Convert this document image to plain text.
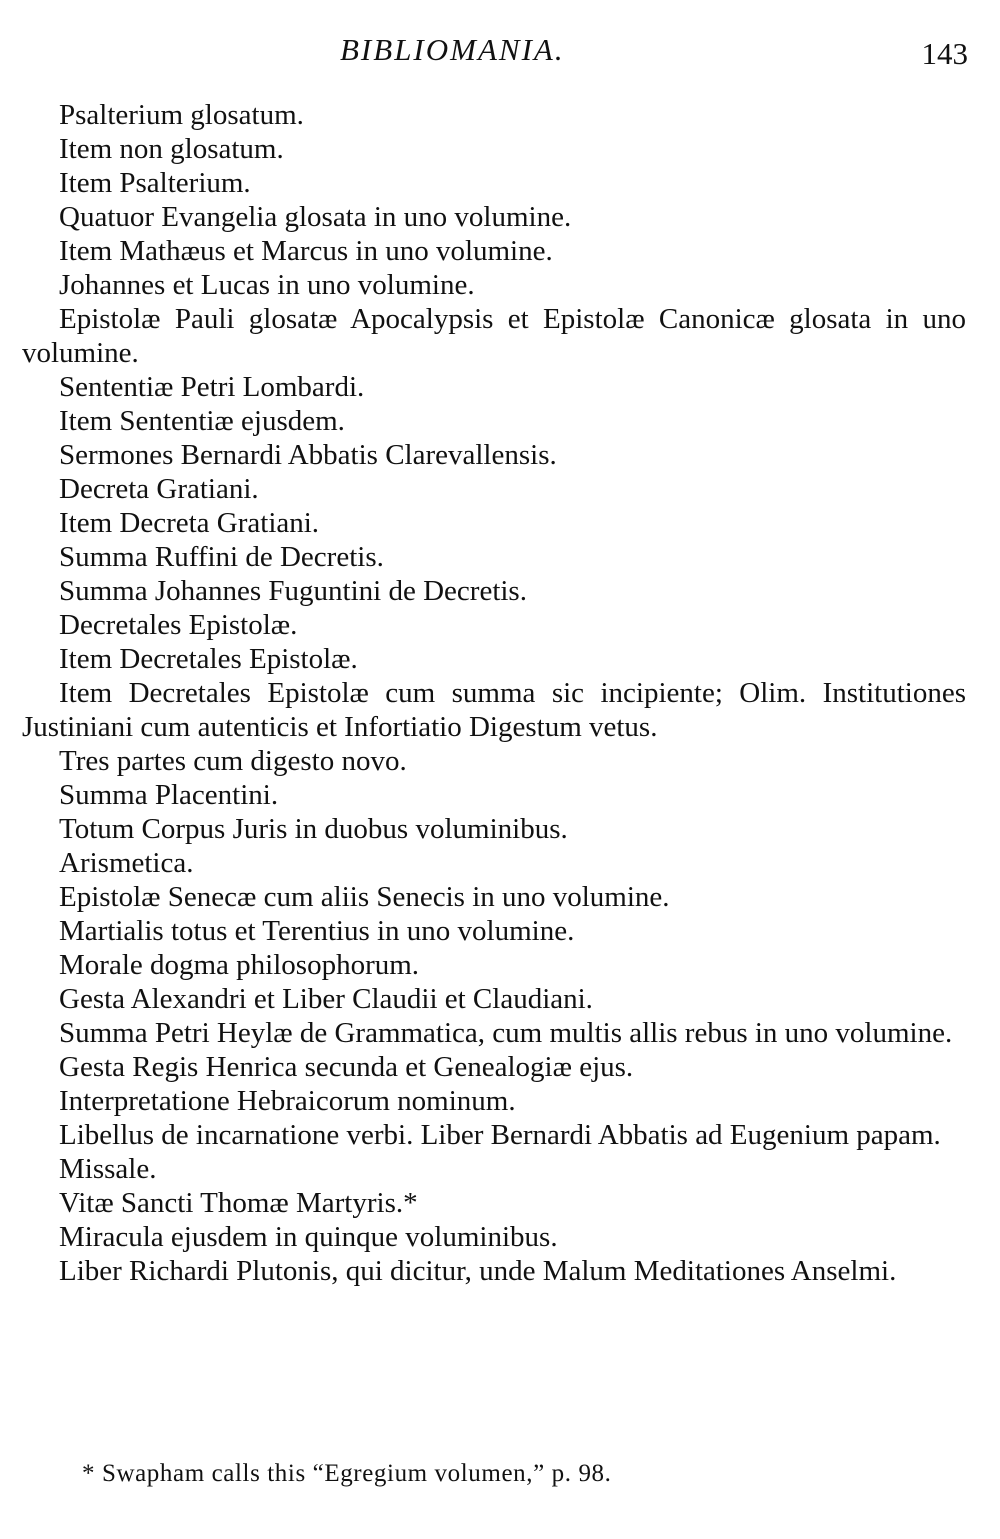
BIBLIOMANIA.	143

Psalterium glosatum.

Item non glosatum.

Item Psalterium.

Quatuor Evangelia glosata in uno volumine.

Item Mathæus et Marcus in uno volumine.

Johannes et Lucas in uno volumine.

Epistolæ Pauli glosatæ Apocalypsis et Epistolæ Canonicæ glosata in uno volumine.

Sententiæ Petri Lombardi.

Item Sententiæ ejusdem.

Sermones Bernardi Abbatis Clarevallensis.

Decreta Gratiani.

Item Decreta Gratiani.

Summa Ruffini de Decretis.

Summa Johannes Fuguntini de Decretis.

Decretales Epistolæ.

Item Decretales Epistolæ.

Item Decretales Epistolæ cum summa sic incipiente; Olim. Institutiones Justiniani cum autenticis et Infortiatio Digestum vetus.

Tres partes cum digesto novo.

Summa Placentini.

Totum Corpus Juris in duobus voluminibus.

Arismetica.

Epistolæ Senecæ cum aliis Senecis in uno volumine.

Martialis totus et Terentius in uno volumine.

Morale dogma philosophorum.

Gesta Alexandri et Liber Claudii et Claudiani.

Summa Petri Heylæ de Grammatica, cum multis allis rebus in uno volumine.

Gesta Regis Henrica secunda et Genealogiæ ejus.

Interpretatione Hebraicorum nominum.

Libellus de incarnatione verbi. Liber Bernardi Abbatis ad Eugenium papam.

Missale.

Vitæ Sancti Thomæ Martyris.*

Miracula ejusdem in quinque voluminibus.

Liber Richardi Plutonis, qui dicitur, unde Malum Meditationes Anselmi.

* Swapham calls this “Egregium volumen,” p. 98.
